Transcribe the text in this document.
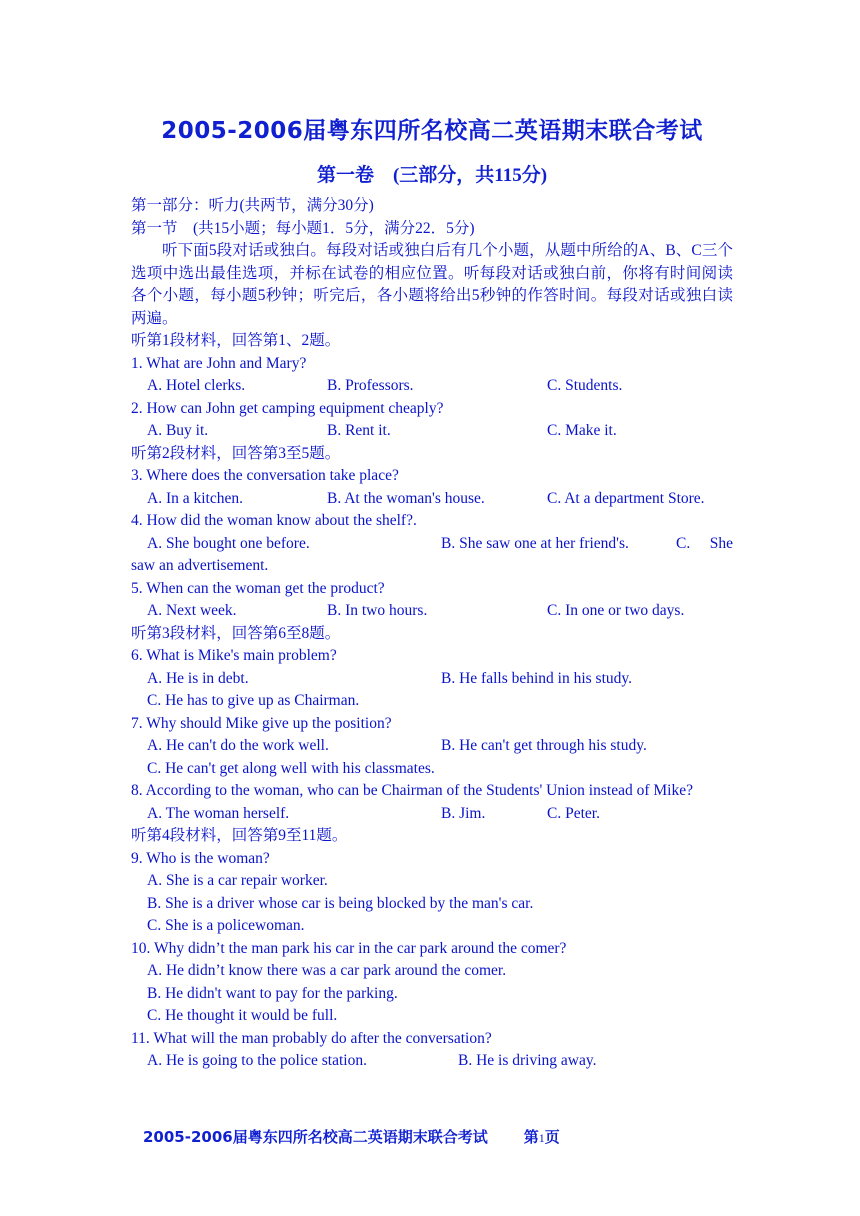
2005-2006届粤东四所名校高二英语期末联合考试
第一卷　(三部分，共115分)
第一部分：听力(共两节，满分30分)
第一节　(共15小题；每小题1．5分，满分22．5分)
听下面5段对话或独白。每段对话或独白后有几个小题，从题中所给的A、B、C三个选项中选出最佳选项，并标在试卷的相应位置。听每段对话或独白前，你将有时间阅读各个小题，每小题5秒钟；听完后，各小题将给出5秒钟的作答时间。每段对话或独白读两遍。
听第1段材料，回答第1、2题。
1. What are John and Mary?
A. Hotel clerks.	B. Professors.	C. Students.
2. How can John get camping equipment cheaply?
A. Buy it.	B. Rent it.	C. Make it.
听第2段材料，回答第3至5题。
3. Where does the conversation take place?
A. In a kitchen.	B. At the woman's house.	C. At a department Store.
4. How did the woman know about the shelf?.
A. She bought one before.	B. She saw one at her friend's.	C.　She saw an advertisement.
5. When can the woman get the product?
A. Next week.	B. In two hours.	C. In one or two days.
听第3段材料，回答第6至8题。
6. What is Mike's main problem?
A. He is in debt.	B. He falls behind in his study.
C. He has to give up as Chairman.
7. Why should Mike give up the position?
A. He can't do the work well.	B. He can't get through his study.
C. He can't get along well with his classmates.
8. According to the woman, who can be Chairman of the Students' Union instead of Mike?
A. The woman herself.	B. Jim.	C. Peter.
听第4段材料，回答第9至11题。
9. Who is the woman?
A. She is a car repair worker.
B. She is a driver whose car is being blocked by the man's car.
C. She is a policewoman.
10. Why didn’t the man park his car in the car park around the comer?
A. He didn’t know there was a car park around the comer.
B. He didn't want to pay for the parking.
C. He thought it would be full.
11. What will the man probably do after the conversation?
A. He is going to the police station.	B. He is driving away.
2005-2006届粤东四所名校高二英语期末联合考试 第1页
